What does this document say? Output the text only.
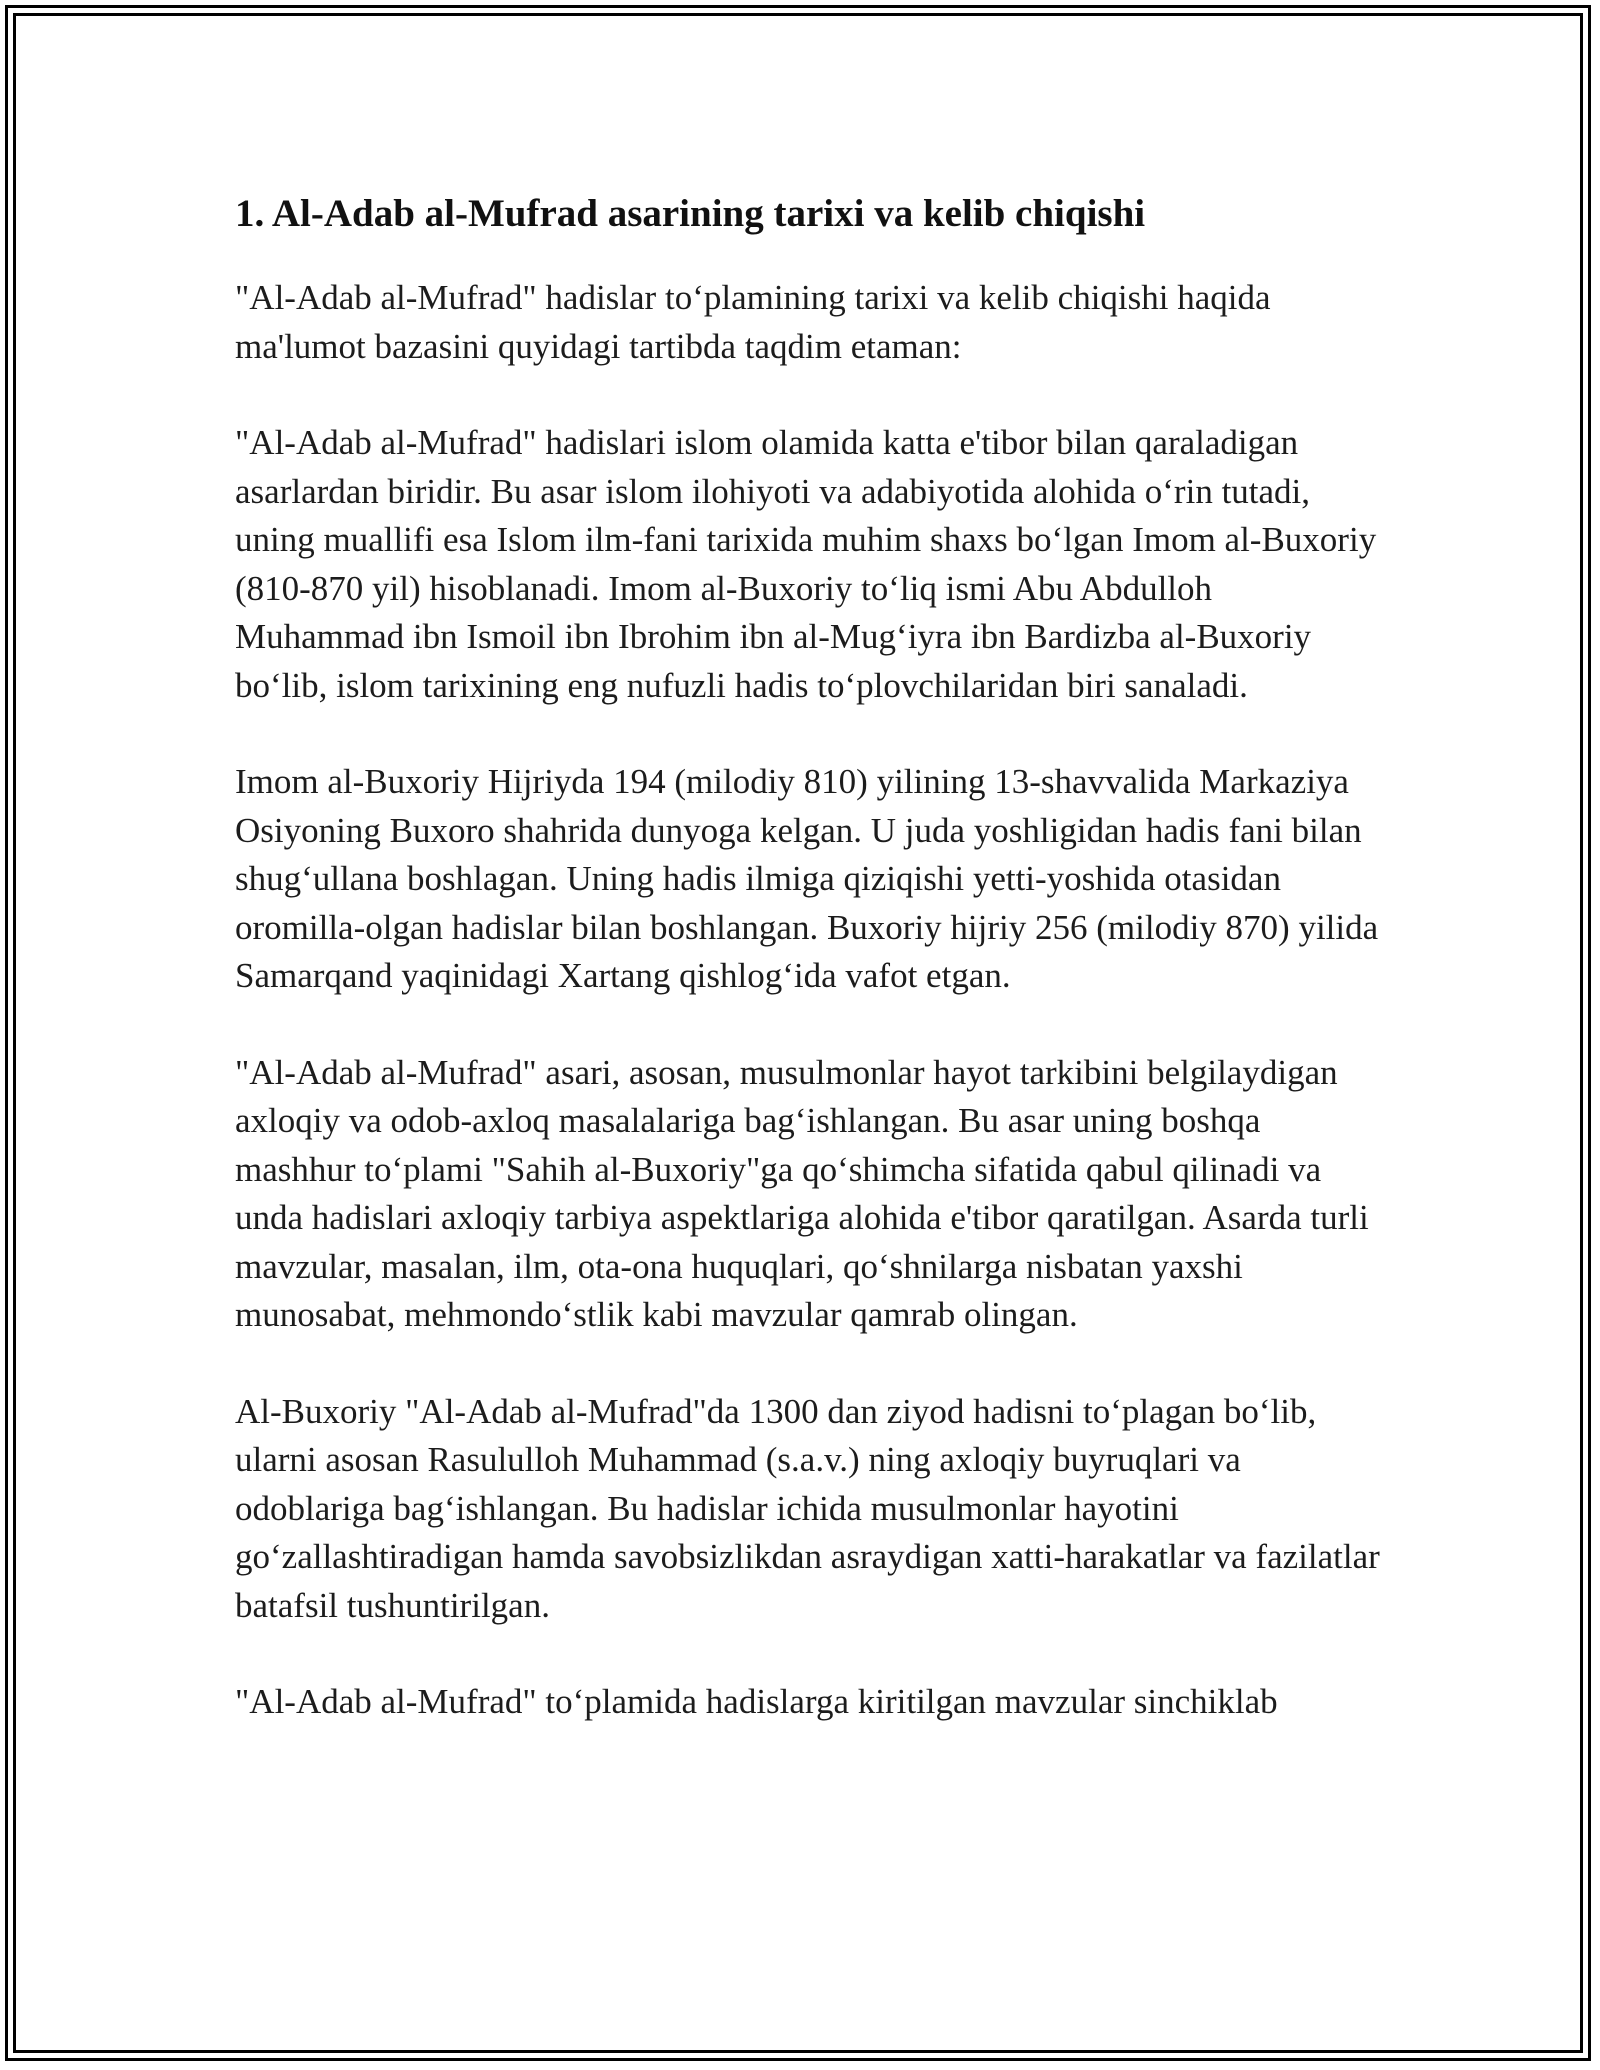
1. Al-Adab al-Mufrad asarining tarixi va kelib chiqishi

"Al-Adab al-Mufrad" hadislar to‘plamining tarixi va kelib chiqishi haqida ma'lumot bazasini quyidagi tartibda taqdim etaman:

"Al-Adab al-Mufrad" hadislari islom olamida katta e'tibor bilan qaraladigan asarlardan biridir. Bu asar islom ilohiyoti va adabiyotida alohida o‘rin tutadi, uning muallifi esa Islom ilm-fani tarixida muhim shaxs bo‘lgan Imom al-Buxoriy (810-870 yil) hisoblanadi. Imom al-Buxoriy to‘liq ismi Abu Abdulloh Muhammad ibn Ismoil ibn Ibrohim ibn al-Mug‘iyra ibn Bardizba al-Buxoriy bo‘lib, islom tarixining eng nufuzli hadis to‘plovchilaridan biri sanaladi.

Imom al-Buxoriy Hijriyda 194 (milodiy 810) yilining 13-shavvalida Markaziya Osiyoning Buxoro shahrida dunyoga kelgan. U juda yoshligidan hadis fani bilan shug‘ullana boshlagan. Uning hadis ilmiga qiziqishi yetti-yoshida otasidan oromilla-olgan hadislar bilan boshlangan. Buxoriy hijriy 256 (milodiy 870) yilida Samarqand yaqinidagi Xartang qishlog‘ida vafot etgan.

"Al-Adab al-Mufrad" asari, asosan, musulmonlar hayot tarkibini belgilaydigan axloqiy va odob-axloq masalalariga bag‘ishlangan. Bu asar uning boshqa mashhur to‘plami "Sahih al-Buxoriy"ga qo‘shimcha sifatida qabul qilinadi va unda hadislari axloqiy tarbiya aspektlariga alohida e'tibor qaratilgan. Asarda turli mavzular, masalan, ilm, ota-ona huquqlari, qo‘shnilarga nisbatan yaxshi munosabat, mehmondo‘stlik kabi mavzular qamrab olingan.

Al-Buxoriy "Al-Adab al-Mufrad"da 1300 dan ziyod hadisni to‘plagan bo‘lib, ularni asosan Rasululloh Muhammad (s.a.v.) ning axloqiy buyruqlari va odoblariga bag‘ishlangan. Bu hadislar ichida musulmonlar hayotini go‘zallashtiradigan hamda savobsizlikdan asraydigan xatti-harakatlar va fazilatlar batafsil tushuntirilgan.

"Al-Adab al-Mufrad" to‘plamida hadislarga kiritilgan mavzular sinchiklab
